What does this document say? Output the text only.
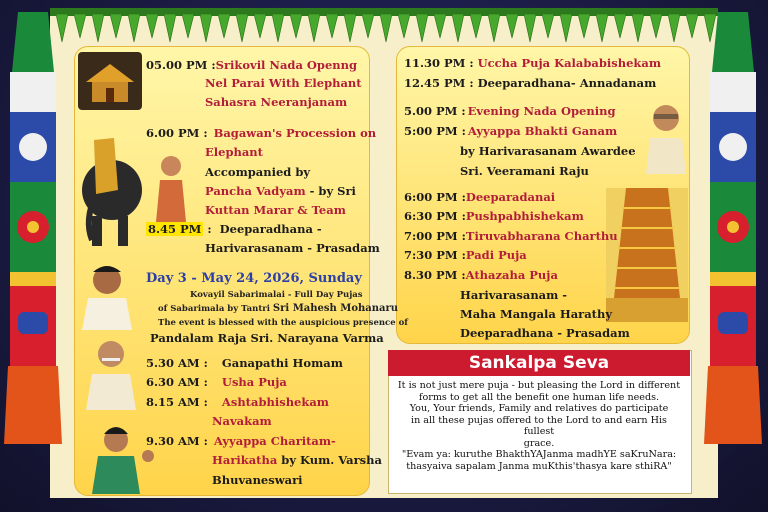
05.00 PM :Srikovil Nada Openng
Nel Parai With Elephant
Sahasra Neeranjanam
6.00 PM : Bagawan's Procession on
Elephant
Accompanied by
Pancha Vadyam - by Sri
Kuttan Marar & Team
8.45 PM : Deeparadhana -
Harivarasanam - Prasadam
Day 3 - May 24, 2026, Sunday
Kovayil Sabarimalai - Full Day Pujas
of Sabarimala by Tantri Sri Mahesh Mohanaru
The event is blessed with the auspicious presence of
Pandalam Raja Sri. Narayana Varma
5.30 AM : Ganapathi Homam
6.30 AM : Usha Puja
8.15 AM : Ashtabhishekam
Navakam
9.30 AM : Ayyappa Charitam-
Harikatha by Kum. Varsha
Bhuvaneswari
11.30 PM : Uccha Puja Kalababishekam
12.45 PM : Deeparadhana- Annadanam
5.00 PM : Evening Nada Opening
5:00 PM : Ayyappa Bhakti Ganam
by Harivarasanam Awardee
Sri. Veeramani Raju
6:00 PM :Deeparadanai
6:30 PM :Pushpabhishekam
7:00 PM :Tiruvabharana Charthu
7:30 PM :Padi Puja
8.30 PM :Athazaha Puja
Harivarasanam -
Maha Mangala Harathy
Deeparadhana - Prasadam
Sankalpa Seva
It is not just mere puja - but pleasing the Lord in different
forms to get all the benefit one human life needs.
You, Your friends, Family and relatives do participate
in all these pujas offered to the Lord to and earn His fullest
grace.
"Evam ya: kuruthe BhakthYAJanma madhYE saKruNara:
thasyaiva sapalam Janma muKthis'thasya kare sthiRA"
